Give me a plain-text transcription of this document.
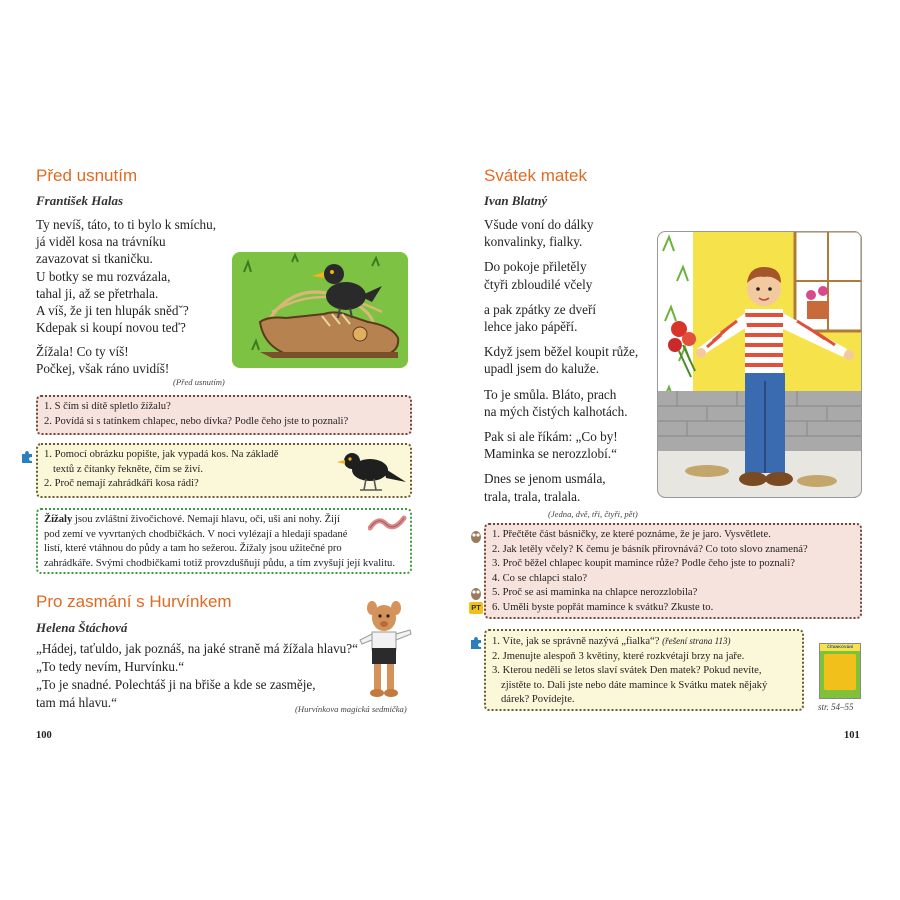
Před usnutím
František Halas
Ty nevíš, táto, to ti bylo k smíchu,
já viděl kosa na trávníku
zavazovat si tkaničku.
U botky se mu rozvázala,
tahal ji, až se přetrhala.
A víš, že ji ten hlupák snědˇ?
Kdepak si koupí novou teď?
Žížala! Co ty víš!
Počkej, však ráno uvidíš!
(Před usnutím)
1. S čím si dítě spletlo žížalu?
2. Povídá si s tatínkem chlapec, nebo dívka? Podle čeho jste to poznali?
1. Pomocí obrázku popište, jak vypadá kos. Na základě
textů z čítanky řekněte, čím se živí.
2. Proč nemají zahrádkáři kosa rádi?
Žížaly jsou zvláštní živočichové. Nemají hlavu, oči, uši ani nohy. Žijí
pod zemí ve vyvrtaných chodbičkách. V noci vylézají a hledají spadané
listí, které vtáhnou do půdy a tam ho sežerou. Žížaly jsou užitečné pro
zahrádkáře. Svými chodbičkami totiž provzdušňují půdu, a tím zvyšují její kvalitu.
Pro zasmání s Hurvínkem
Helena Štáchová
„Hádej, taťuldo, jak poznáš, na jaké straně má žížala hlavu?“
„To tedy nevím, Hurvínku.“
„To je snadné. Polechtáš ji na břiše a kde se zasměje,
tam má hlavu.“	(Hurvínkova magická sedmička)
100
Svátek matek
Ivan Blatný
Všude voní do dálky
konvalinky, fialky.
Do pokoje přiletěly
čtyři zbloudilé včely
a pak zpátky ze dveří
lehce jako pápěří.
Když jsem běžel koupit růže,
upadl jsem do kaluže.
To je smůla. Bláto, prach
na mých čistých kalhotách.
Pak si ale říkám: „Co by!
Maminka se nerozzlobí.“
Dnes se jenom usmála,
trala, trala, tralala.
(Jedna, dvě, tři, čtyři, pět)
PT
1. Přečtěte část básničky, ze které poznáme, že je jaro. Vysvětlete.
2. Jak letěly včely? K čemu je básník přirovnává? Co toto slovo znamená?
3. Proč běžel chlapec koupit mamince růže? Podle čeho jste to poznali?
4. Co se chlapci stalo?
5. Proč se asi maminka na chlapce nerozzlobila?
6. Uměli byste popřát mamince k svátku? Zkuste to.
1. Víte, jak se správně nazývá „fialka“? (řešení strana 113)
2. Jmenujte alespoň 3 květiny, které rozkvétají brzy na jaře.
3. Kterou neděli se letos slaví svátek Den matek? Pokud nevíte,
zjistěte to. Dali jste nebo dáte mamince k Svátku matek nějaký
dárek? Povídejte.
ČÍTANKOVÁNÍ
str. 54–55
101
